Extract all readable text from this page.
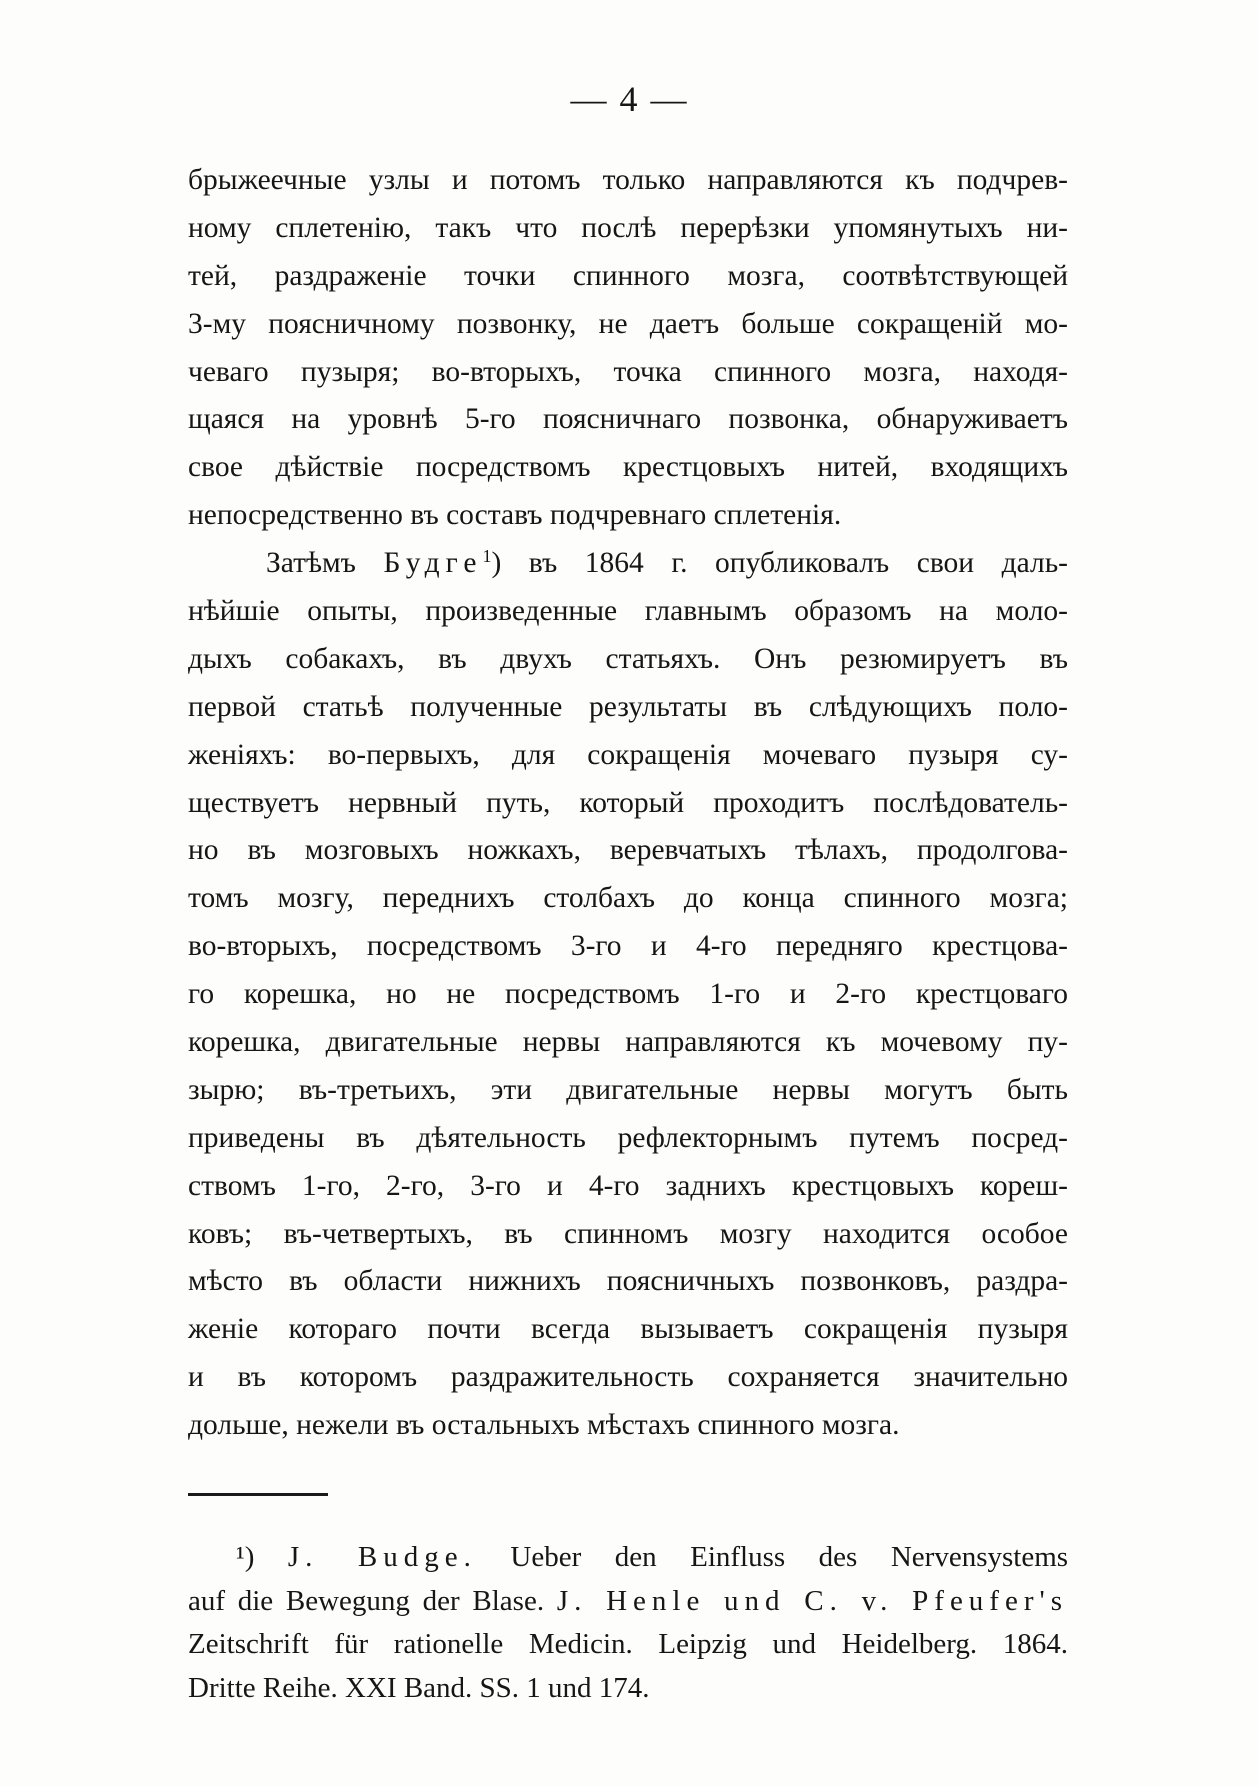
— 4 —
брыжеечные узлы и потомъ только направляются къ подчрев-
ному сплетенію, такъ что послѣ перерѣзки упомянутыхъ ни-
тей, раздраженіе точки спинного мозга, соотвѣтствующей
3-му поясничному позвонку, не даетъ больше сокращеній мо-
чеваго пузыря; во-вторыхъ, точка спинного мозга, находя-
щаяся на уровнѣ 5-го поясничнаго позвонка, обнаруживаетъ
свое дѣйствіе посредствомъ крестцовыхъ нитей, входящихъ
непосредственно въ составъ подчревнаго сплетенія.
Затѣмъ Будге$^1$) въ 1864 г. опубликовалъ свои даль-
нѣйшіе опыты, произведенные главнымъ образомъ на моло-
дыхъ собакахъ, въ двухъ статьяхъ. Онъ резюмируетъ въ
первой статьѣ полученные результаты въ слѣдующихъ поло-
женіяхъ: во-первыхъ, для сокращенія мочеваго пузыря су-
ществуетъ нервный путь, который проходитъ послѣдователь-
но въ мозговыхъ ножкахъ, веревчатыхъ тѣлахъ, продолгова-
томъ мозгу, переднихъ столбахъ до конца спинного мозга;
во-вторыхъ, посредствомъ 3-го и 4-го передняго крестцова-
го корешка, но не посредствомъ 1-го и 2-го крестцоваго
корешка, двигательные нервы направляются къ мочевому пу-
зырю; въ-третьихъ, эти двигательные нервы могутъ быть
приведены въ дѣятельность рефлекторнымъ путемъ посред-
ствомъ 1-го, 2-го, 3-го и 4-го заднихъ крестцовыхъ кореш-
ковъ; въ-четвертыхъ, въ спинномъ мозгу находится особое
мѣсто въ области нижнихъ поясничныхъ позвонковъ, раздра-
женіе котораго почти всегда вызываетъ сокращенія пузыря
и въ которомъ раздражительность сохраняется значительно
дольше, нежели въ остальныхъ мѣстахъ спинного мозга.
¹) J. Budge. Ueber den Einfluss des Nervensystems
auf die Bewegung der Blase. J. Henle und C. v. Pfeufer's
Zeitschrift für rationelle Medicin. Leipzig und Heidelberg. 1864.
Dritte Reihe. XXI Band. SS. 1 und 174.
